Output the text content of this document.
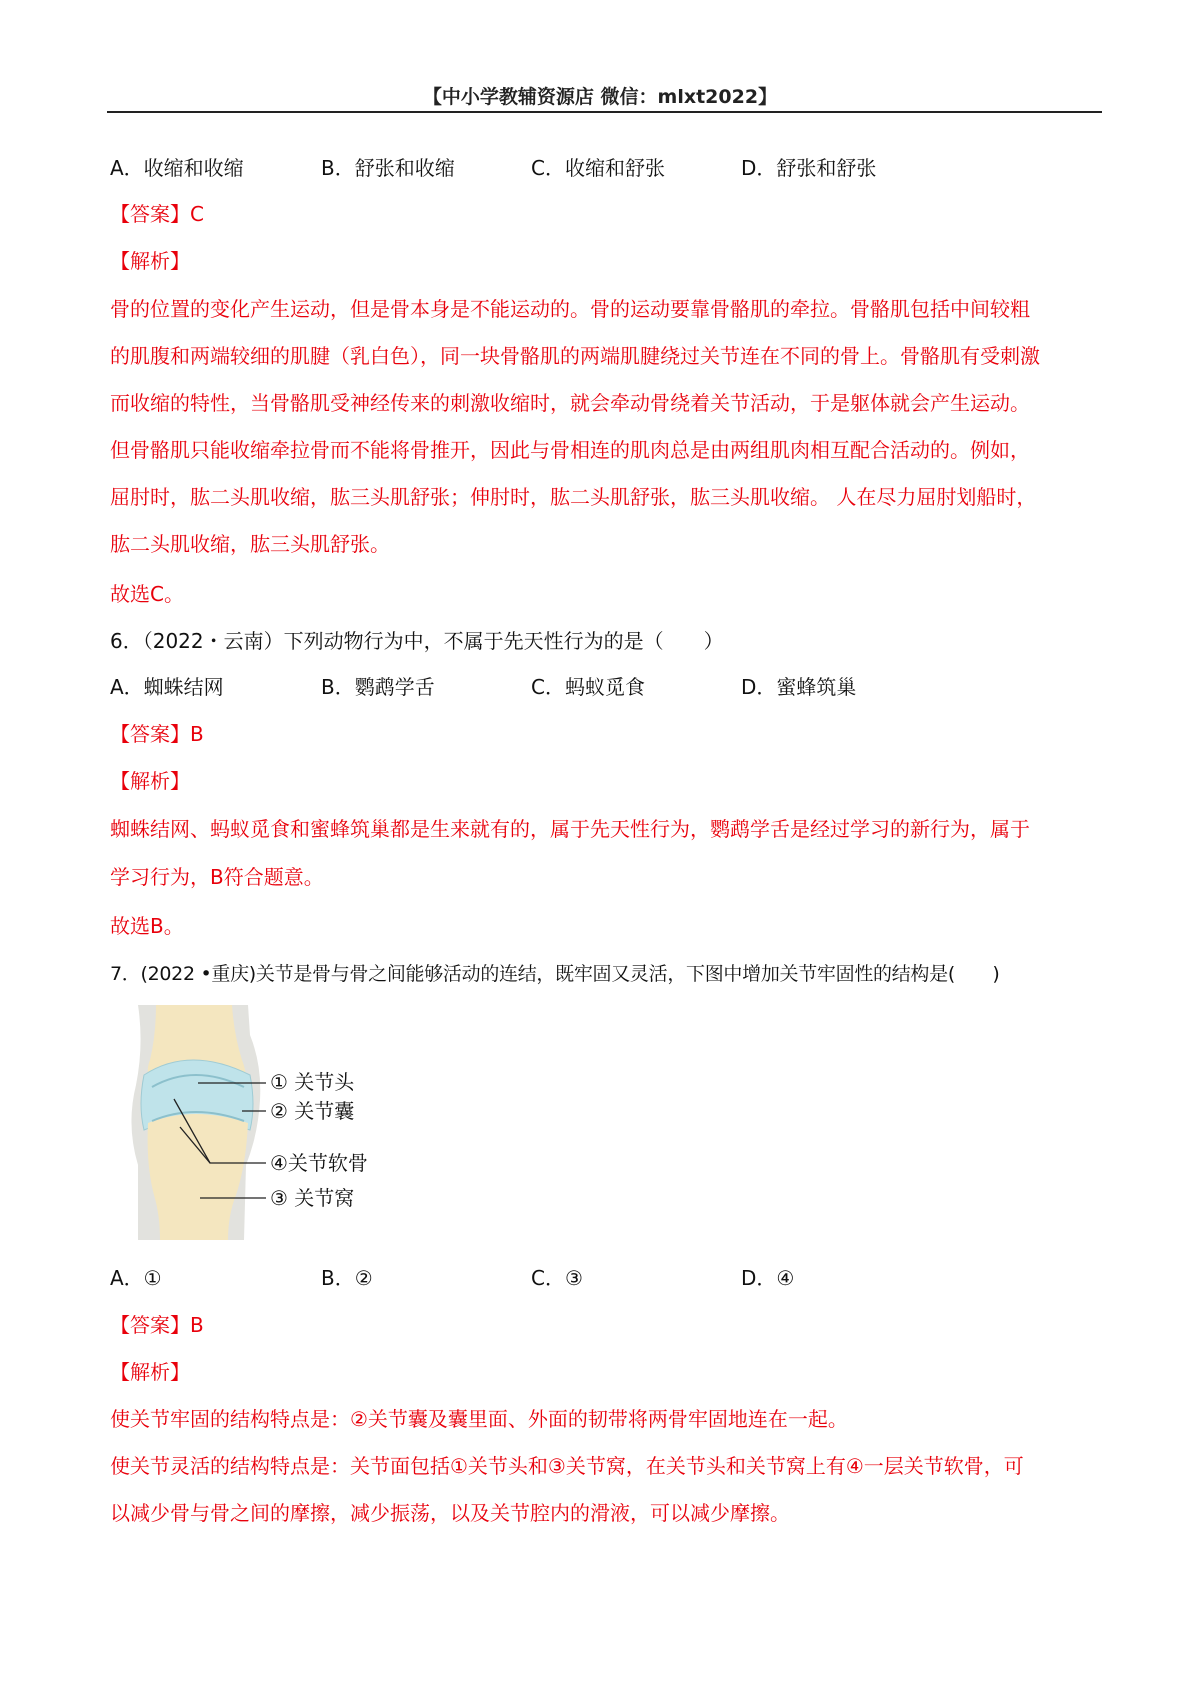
【中小学教辅资源店 微信：mlxt2022】
A．收缩和收缩	B．舒张和收缩	C．收缩和舒张	D．舒张和舒张
【答案】C
【解析】
骨的位置的变化产生运动，但是骨本身是不能运动的。骨的运动要靠骨骼肌的牵拉。骨骼肌包括中间较粗
的肌腹和两端较细的肌腱（乳白色），同一块骨骼肌的两端肌腱绕过关节连在不同的骨上。骨骼肌有受刺激
而收缩的特性，当骨骼肌受神经传来的刺激收缩时，就会牵动骨绕着关节活动，于是躯体就会产生运动。
但骨骼肌只能收缩牵拉骨而不能将骨推开，因此与骨相连的肌肉总是由两组肌肉相互配合活动的。例如，
屈肘时，肱二头肌收缩，肱三头肌舒张；伸肘时，肱二头肌舒张，肱三头肌收缩。 人在尽力屈肘划船时，
肱二头肌收缩，肱三头肌舒张。
故选C。
6．（2022・云南）下列动物行为中，不属于先天性行为的是（　　）
A．蜘蛛结网	B．鹦鹉学舌	C．蚂蚁觅食	D．蜜蜂筑巢
【答案】B
【解析】
蜘蛛结网、蚂蚁觅食和蜜蜂筑巢都是生来就有的，属于先天性行为，鹦鹉学舌是经过学习的新行为，属于
学习行为，B符合题意。
故选B。
7．(2022 •重庆)关节是骨与骨之间能够活动的连结，既牢固又灵活，下图中增加关节牢固性的结构是(　　)
① 关节头
② 关节囊
④关节软骨
③ 关节窝
A．①	B．②	C．③	D．④
【答案】B
【解析】
使关节牢固的结构特点是：②关节囊及囊里面、外面的韧带将两骨牢固地连在一起。
使关节灵活的结构特点是：关节面包括①关节头和③关节窝，在关节头和关节窝上有④一层关节软骨，可
以减少骨与骨之间的摩擦，减少振荡，以及关节腔内的滑液，可以减少摩擦。
